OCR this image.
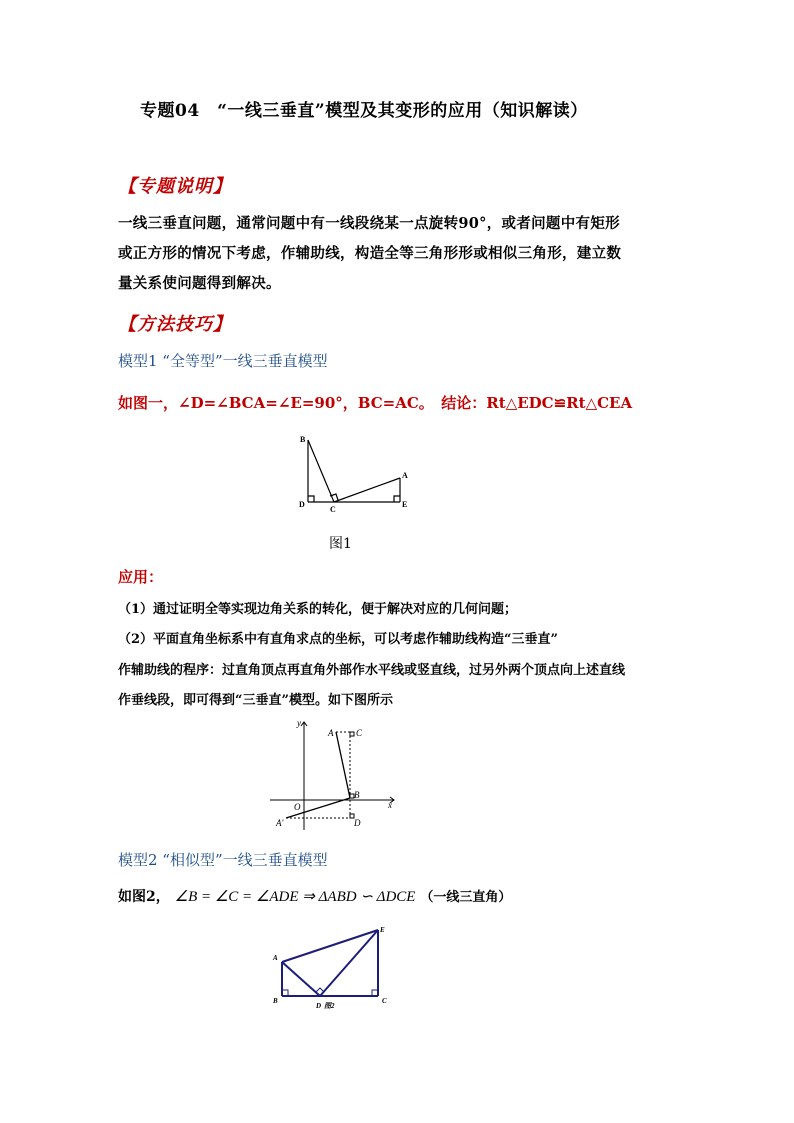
专题04　“一线三垂直”模型及其变形的应用（知识解读）
【专题说明】
一线三垂直问题，通常问题中有一线段绕某一点旋转90°，或者问题中有矩形
或正方形的情况下考虑，作辅助线，构造全等三角形形或相似三角形，建立数
量关系使问题得到解决。
【方法技巧】
模型1 “全等型”一线三垂直模型
如图一，∠D=∠BCA=∠E=90°，BC=AC。　结论：Rt△EDC≌Rt△CEA
B
A
D
C
E
图1
应用：
（1）通过证明全等实现边角关系的转化，便于解决对应的几何问题；
（2）平面直角坐标系中有直角求点的坐标，可以考虑作辅助线构造“三垂直”
作辅助线的程序：过直角顶点再直角外部作水平线或竖直线，过另外两个顶点向上述直线
作垂线段，即可得到“三垂直”模型。如下图所示
y
A	C
B
O	x
A'	D
模型2 “相似型”一线三垂直模型
如图2， ∠B = ∠C = ∠ADE ⇒ ΔABD ∽ ΔDCE （一线三直角）
E
A
B
D 图2
C
